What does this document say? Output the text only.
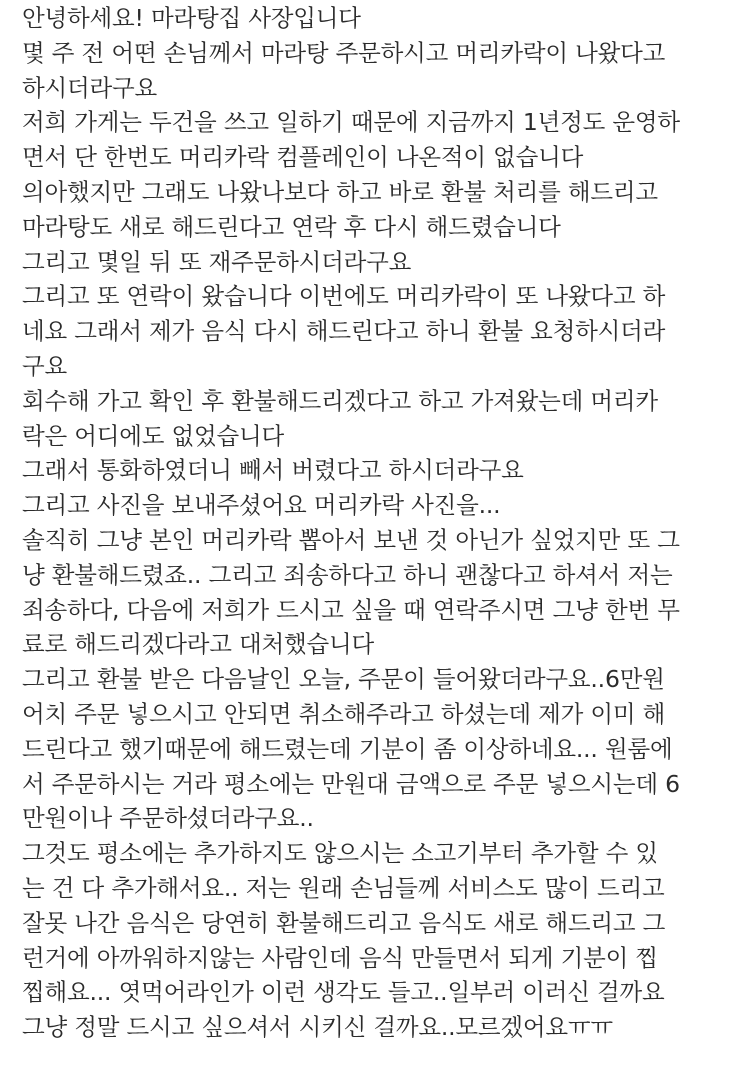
안녕하세요! 마라탕집 사장입니다
몇 주 전 어떤 손님께서 마라탕 주문하시고 머리카락이 나왔다고
하시더라구요
저희 가게는 두건을 쓰고 일하기 때문에 지금까지 1년정도 운영하
면서 단 한번도 머리카락 컴플레인이 나온적이 없습니다
의아했지만 그래도 나왔나보다 하고 바로 환불 처리를 해드리고
마라탕도 새로 해드린다고 연락 후 다시 해드렸습니다
그리고 몇일 뒤 또 재주문하시더라구요
그리고 또 연락이 왔습니다 이번에도 머리카락이 또 나왔다고 하
네요 그래서 제가 음식 다시 해드린다고 하니 환불 요청하시더라
구요
회수해 가고 확인 후 환불해드리겠다고 하고 가져왔는데 머리카
락은 어디에도 없었습니다
그래서 통화하였더니 빼서 버렸다고 하시더라구요
그리고 사진을 보내주셨어요 머리카락 사진을...
솔직히 그냥 본인 머리카락 뽑아서 보낸 것 아닌가 싶었지만 또 그
냥 환불해드렸죠.. 그리고 죄송하다고 하니 괜찮다고 하셔서 저는
죄송하다, 다음에 저희가 드시고 싶을 때 연락주시면 그냥 한번 무
료로 해드리겠다라고 대처했습니다
그리고 환불 받은 다음날인 오늘, 주문이 들어왔더라구요..6만원
어치 주문 넣으시고 안되면 취소해주라고 하셨는데 제가 이미 해
드린다고 했기때문에 해드렸는데 기분이 좀 이상하네요... 원룸에
서 주문하시는 거라 평소에는 만원대 금액으로 주문 넣으시는데 6
만원이나 주문하셨더라구요..
그것도 평소에는 추가하지도 않으시는 소고기부터 추가할 수 있
는 건 다 추가해서요.. 저는 원래 손님들께 서비스도 많이 드리고
잘못 나간 음식은 당연히 환불해드리고 음식도 새로 해드리고 그
런거에 아까워하지않는 사람인데 음식 만들면서 되게 기분이 찝
찝해요... 엿먹어라인가 이런 생각도 들고..일부러 이러신 걸까요
그냥 정말 드시고 싶으셔서 시키신 걸까요..모르겠어요ㅠㅠ
